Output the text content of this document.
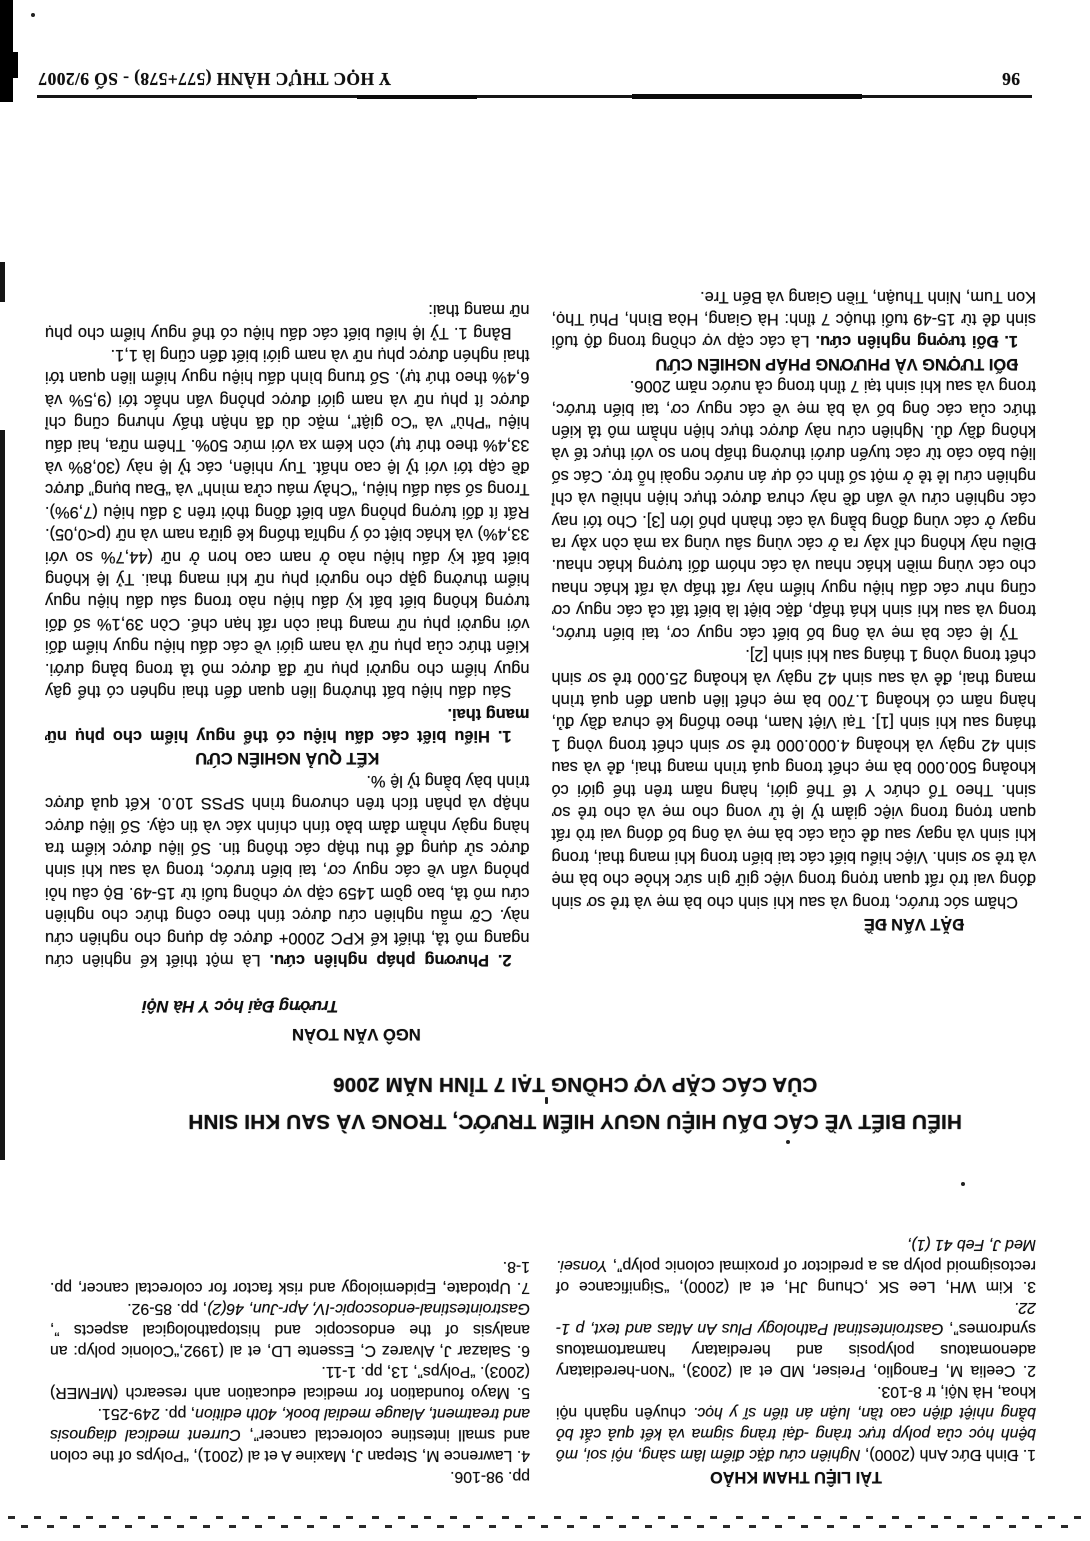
TÀI LIỆU THAM KHẢO

1. Đinh Đức Anh (2000), Nghiên cứu đặc điểm lâm sàng, nội soi, mô bệnh học của polyp trực tràng -đại tràng sigma và kết quả cắt bỏ bằng nhiệt điện cao tần, luận án tiến sĩ y học. chuyên ngành nội khoa, Hà Nội, tr 8-103.

2. Ceelia M, Fanoglio, Preiser, MD et al (2003), “Non-herediatary adenomatous polyposis and herediatary hamartomatous syndromes”, Gastrointestinal Pathology Plus An Atlas and text, p 1-22.

3. Kim WH, Lee SK ,Chung JH, et al (2000), “Significance of rectosigmoid polyp as a predictor of proximal colonic polyp”, Yonsei. Med J, Feb 41 (1),

pp. 98-106.

4. Lawrence M, Stepan J, Maxine A et al (2001), “Polyps of the colon and small intestine colorectal cancer”, Current medical diagnosis and treatment, Alauge medial book, 40th edition, pp. 249-251.

5. Mayo foundation for medical education anh research (MFMER) (2003). “Polyps”, 13, pp. 1-11.

6. Salazar J, Alvarez C, Essente LD, et al (1992,“Colonic polyp: an analysis of the endoscopic and histopathological aspects ”, Gastrointestinal-endoscopic-IV, Apr-Jun, 46(2), pp. 85-92.

7. Uptodate, Epidemiology and risk factor for colorectal cancer, pp. 1-8.

HIỂU BIẾT VỀ CÁC DẤU HIỆU NGUY HIỂM TRƯỚC, TRONG VÀ SAU KHI SINH
CỦA CÁC CẶP VỢ CHỒNG TẠI 7 TỈNH NĂM 2006
NGÔ VĂN TOÀN
Trường Đại học Y Hà Nội

ĐẶT VẤN ĐỀ

Chăm sóc trước, trong và sau khi sinh cho bà mẹ và trẻ sơ sinh đóng vai trò rất quan trọng trong việc giữ gìn sức khỏe cho bà mẹ và trẻ sơ sinh. Việc hiểu biết các tai biến trong khi mang thai, trong khi sinh và ngay sau đẻ của các bà mẹ và ông bố đóng vai trò rất quan trọng trong việc giảm tỷ lệ tử vong cho mẹ và cho trẻ sơ sinh. Theo Tổ chức Y tế Thế giới, hàng năm trên thế giới có khoảng 500.000 bà mẹ chết trong quá trình mang thai, đẻ và sau sinh 42 ngày và khoảng 4.000.000 trẻ sơ sinh chết trong vòng 1 tháng sau khi sinh [1]. Tại Việt Nam, theo thống kê chưa đầy đủ, hàng năm có khoảng 1.700 bà mẹ chết liên quan đến quá trình mang thai, đẻ và sau sinh 42 ngày và khoảng 25.000 trẻ sơ sinh chết trong vòng 1 tháng sau khi sinh [2].

Tỷ lệ các bà mẹ và ông bố biết các nguy cơ, tai biến trước, trong và sau khi sinh khá thấp, đặc biệt là biết tất cả các nguy cơ cũng như các dấu hiệu nguy hiểm này rất thấp và rất khác nhau cho các vùng miền khác nhau và các nhóm đối tượng khác nhau. Điều này không chỉ xảy ra ở các vùng sâu vùng xa mà còn xảy ra ngay ở các vùng đồng bằng và các thành phố lớn [3]. Cho tới nay các nghiên cứu về vấn đề này chưa được thực hiện nhiều và chỉ nghiên cứu lẻ tẻ ở một số tỉnh có dự án nước ngoài hỗ trợ. Các số liệu báo cáo từ các tuyến dưới thường thấp hơn so với thực tế và không đầy đủ. Nghiên cứu này được thực hiện nhằm mô tả kiến thức của các ông bố và bà mẹ về các nguy cơ, tai biến trước, trong và sau khi sinh tại 7 tỉnh trong cả nước năm 2006.

ĐỐI TƯỢNG VÀ PHƯƠNG PHÁP NGHIÊN CỨU

1. Đối tượng nghiên cứu. Là các cặp vợ chồng trong độ tuổi sinh đẻ từ 15-49 tuổi thuộc 7 tỉnh: Hà Giang, Hòa Bình, Phú Thọ, Kon Tum, Ninh Thuận, Tiền Giang và Bến Tre.

2. Phương pháp nghiên cứu. Là một thiết kế nghiên cứu ngang mô tả, thiết kế KPC 2000+ được áp dụng cho nghiên cứu này. Cỡ mẫu nghiên cứu được tính theo công thức cho nghiên cứu mô tả, bao gồm 1459 cặp vợ chồng tuổi từ 15-49. Bộ câu hỏi phỏng vấn về các nguy cơ, tai biến trước, trong và sau khi sinh được sử dụng để thu thập các thông tin. Số liệu được kiểm tra hàng ngày nhằm đảm bảo tính chính xác và tin cậy. Số liệu được nhập và phân tích trên chương trình SPSS 10.0. Kết quả được trình bày bằng tỷ lệ %.

KẾT QUẢ NGHIÊN CỨU

1. Hiểu biết các dấu hiệu có thể nguy hiểm cho phụ nữ mang thai.

Sáu dấu hiệu bất thường liên quan đến thai nghén có thể gây nguy hiểm cho người phụ nữ đã được mô tả trong bảng dưới. Kiến thức của phụ nữ và nam giới về các dấu hiệu nguy hiểm đối với người phụ nữ mang thai còn rất hạn chế. Còn 39,1% số đối tượng không biết bất kỳ dấu hiệu nào trong sáu dấu hiệu nguy hiểm thường gặp cho người phụ nữ khi mang thai. Tỷ lệ không biết bất kỳ dấu hiệu nào ở nam cao hơn ở nữ (44,7% so với 33,4%) và khác biệt có ý nghĩa thống kê giữa nam và nữ (p<0,05). Rất ít đối tượng phỏng vấn biết đồng thời trên 3 dấu hiệu (7,9%). Trong số sáu dấu hiệu, “Chảy máu cửa mình” và “Đau bụng” được đề cập tới với tỷ lệ cao nhất. Tuy nhiên, các tỷ lệ này (30,8% và 33,4% theo thứ tự) còn kém xa với mức 50%. Thêm nữa, hai dấu hiệu “Phù” và “Co giật”, mặc dù đã nhận thấy nhưng cũng chỉ được ít phụ nữ và nam giới được phỏng vấn nhắc tới (9,5% và 6,4% theo thứ tự). Số trung bình dấu hiệu nguy hiểm liên quan tới thai nghén được phụ nữ và nam giới biết đến cũng là 1,1.

Bảng 1. Tỷ lệ hiểu biết các dấu hiệu có thể nguy hiểm cho phụ nữ mang thai:

96
Y HỌC THỰC HÀNH (577+578) - SỐ 9/2007
